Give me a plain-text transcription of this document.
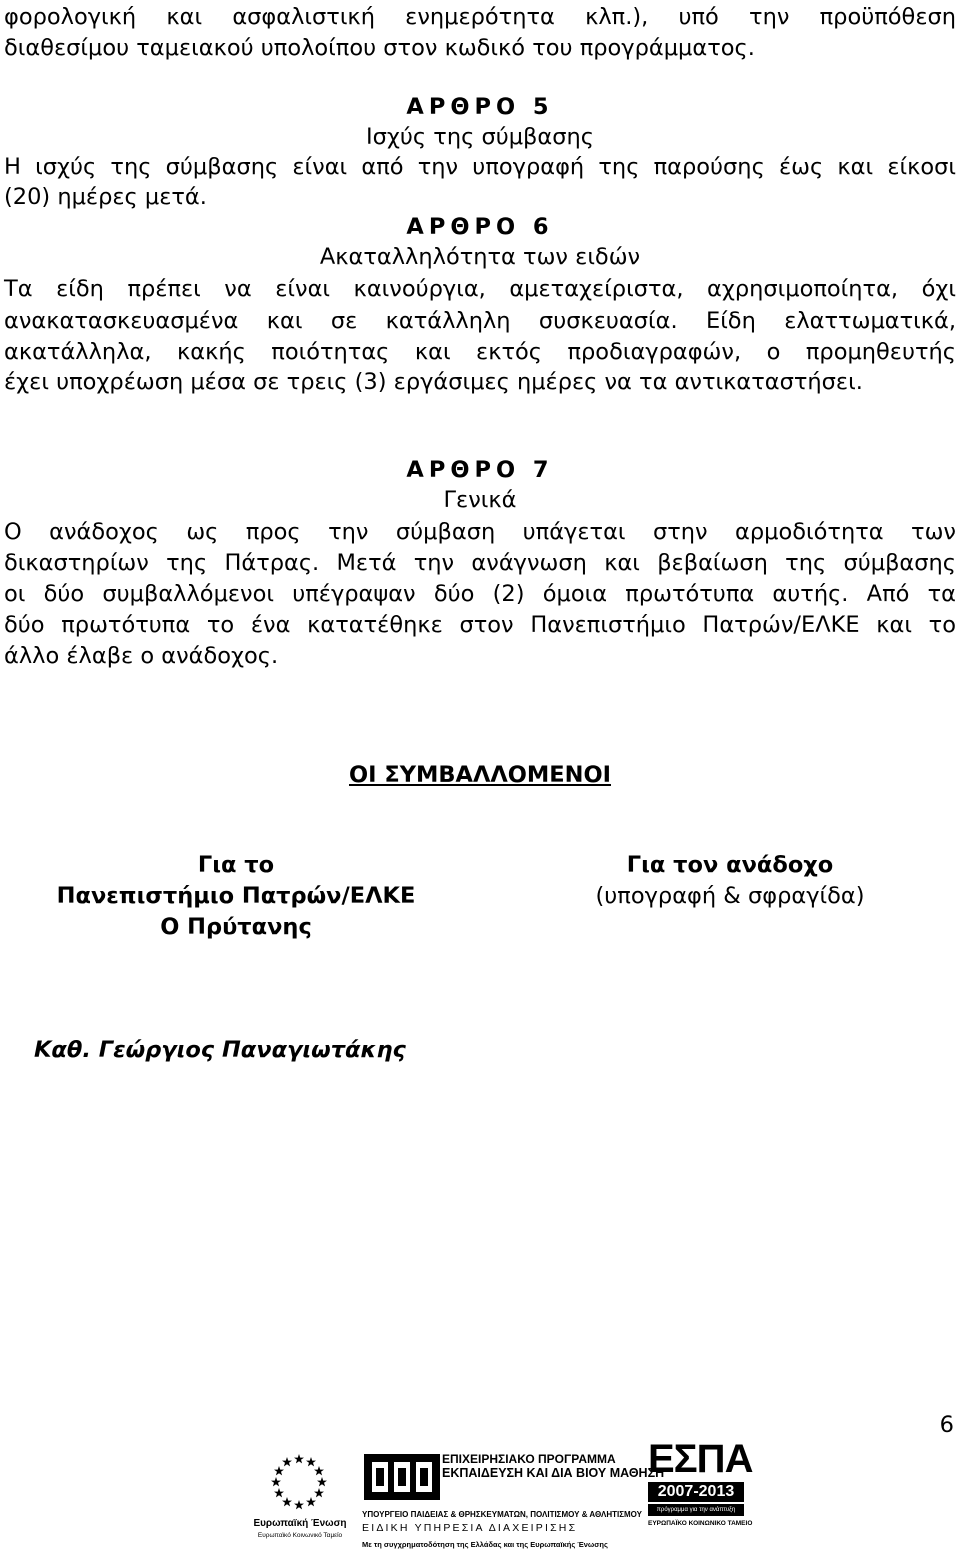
φορολογική και ασφαλιστική ενημερότητα κλπ.), υπό την προϋπόθεση
διαθεσίμου ταμειακού υπολοίπου στον κωδικό του προγράμματος.
ΑΡΘΡΟ 5
Ισχύς της σύμβασης
Η ισχύς της σύμβασης είναι από την υπογραφή της παρούσης έως και είκοσι
(20) ημέρες μετά.
ΑΡΘΡΟ 6
Ακαταλληλότητα των ειδών
Τα είδη πρέπει να είναι καινούργια, αμεταχείριστα, αχρησιμοποίητα, όχι
ανακατασκευασμένα και σε κατάλληλη συσκευασία. Είδη ελαττωματικά,
ακατάλληλα, κακής ποιότητας και εκτός προδιαγραφών, ο προμηθευτής
έχει υποχρέωση μέσα σε τρεις (3) εργάσιμες ημέρες να τα αντικαταστήσει.
ΑΡΘΡΟ 7
Γενικά
Ο ανάδοχος ως προς την σύμβαση υπάγεται στην αρμοδιότητα των
δικαστηρίων της Πάτρας. Μετά την ανάγνωση και βεβαίωση της σύμβασης
οι δύο συμβαλλόμενοι υπέγραψαν δύο (2) όμοια πρωτότυπα αυτής. Από τα
δύο πρωτότυπα το ένα κατατέθηκε στον Πανεπιστήμιο Πατρών/ΕΛΚΕ και το
άλλο έλαβε ο ανάδοχος.
ΟΙ ΣΥΜΒΑΛΛΟΜΕΝΟΙ
Για το
Πανεπιστήμιο Πατρών/ΕΛΚΕ
Ο Πρύτανης
Για τον ανάδοχο
(υπογραφή & σφραγίδα)
Καθ. Γεώργιος Παναγιωτάκης
6
Ευρωπαϊκή Ένωση
Ευρωπαϊκό Κοινωνικό Ταμείο
ΕΠΙΧΕΙΡΗΣΙΑΚΟ ΠΡΟΓΡΑΜΜΑ
ΕΚΠΑΙΔΕΥΣΗ ΚΑΙ ΔΙΑ ΒΙΟΥ ΜΑΘΗΣΗ
ΥΠΟΥΡΓΕΙΟ ΠΑΙΔΕΙΑΣ & ΘΡΗΣΚΕΥΜΑΤΩΝ, ΠΟΛΙΤΙΣΜΟΥ & ΑΘΛΗΤΙΣΜΟΥ
ΕΙΔΙΚΗ ΥΠΗΡΕΣΙΑ ΔΙΑΧΕΙΡΙΣΗΣ
Με τη συγχρηματοδότηση της Ελλάδας και της Ευρωπαϊκής Ένωσης
ΕΣΠΑ
2007-2013
πρόγραμμα για την ανάπτυξη
ΕΥΡΩΠΑΪΚΟ ΚΟΙΝΩΝΙΚΟ ΤΑΜΕΙΟ
